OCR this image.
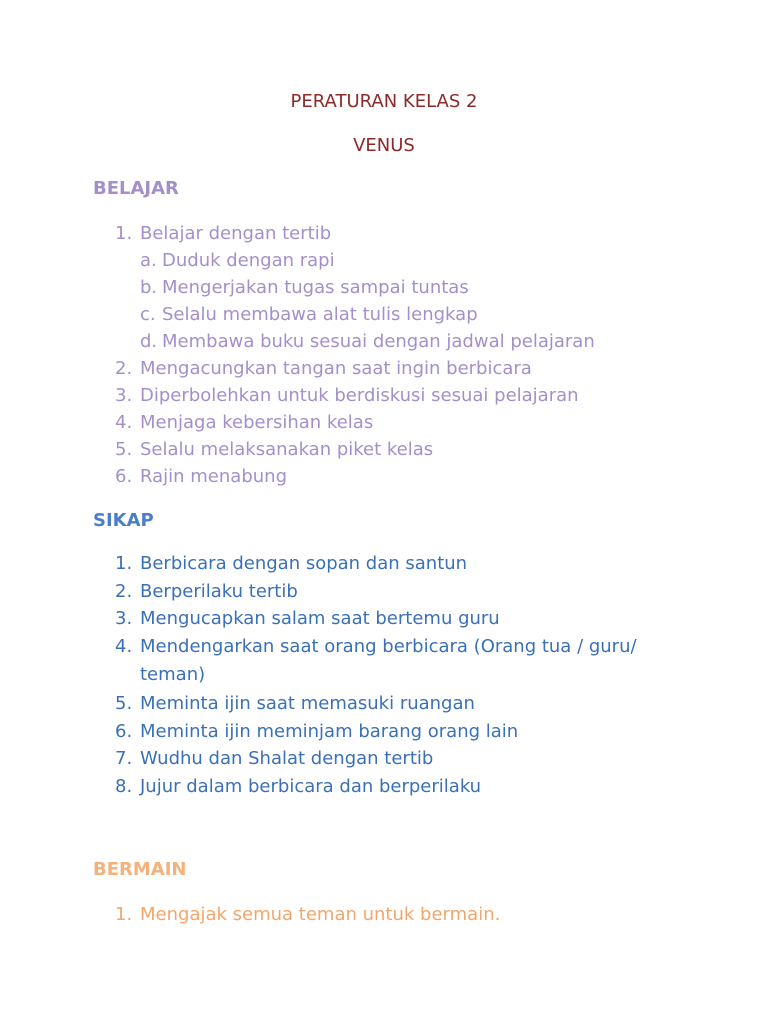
PERATURAN KELAS 2

VENUS

BELAJAR
1. Belajar dengan tertib
a. Duduk dengan rapi
b. Mengerjakan tugas sampai tuntas
c. Selalu membawa alat tulis lengkap
d. Membawa buku sesuai dengan jadwal pelajaran
2. Mengacungkan tangan saat ingin berbicara
3. Diperbolehkan untuk berdiskusi sesuai pelajaran
4. Menjaga kebersihan kelas
5. Selalu melaksanakan piket kelas
6. Rajin menabung
SIKAP
1. Berbicara dengan sopan dan santun
2. Berperilaku tertib
3. Mengucapkan salam saat bertemu guru
4. Mendengarkan saat orang berbicara (Orang tua / guru/
teman)
5. Meminta ijin saat memasuki ruangan
6. Meminta ijin meminjam barang orang lain
7. Wudhu dan Shalat dengan tertib
8. Jujur dalam berbicara dan berperilaku
BERMAIN
1. Mengajak semua teman untuk bermain.
